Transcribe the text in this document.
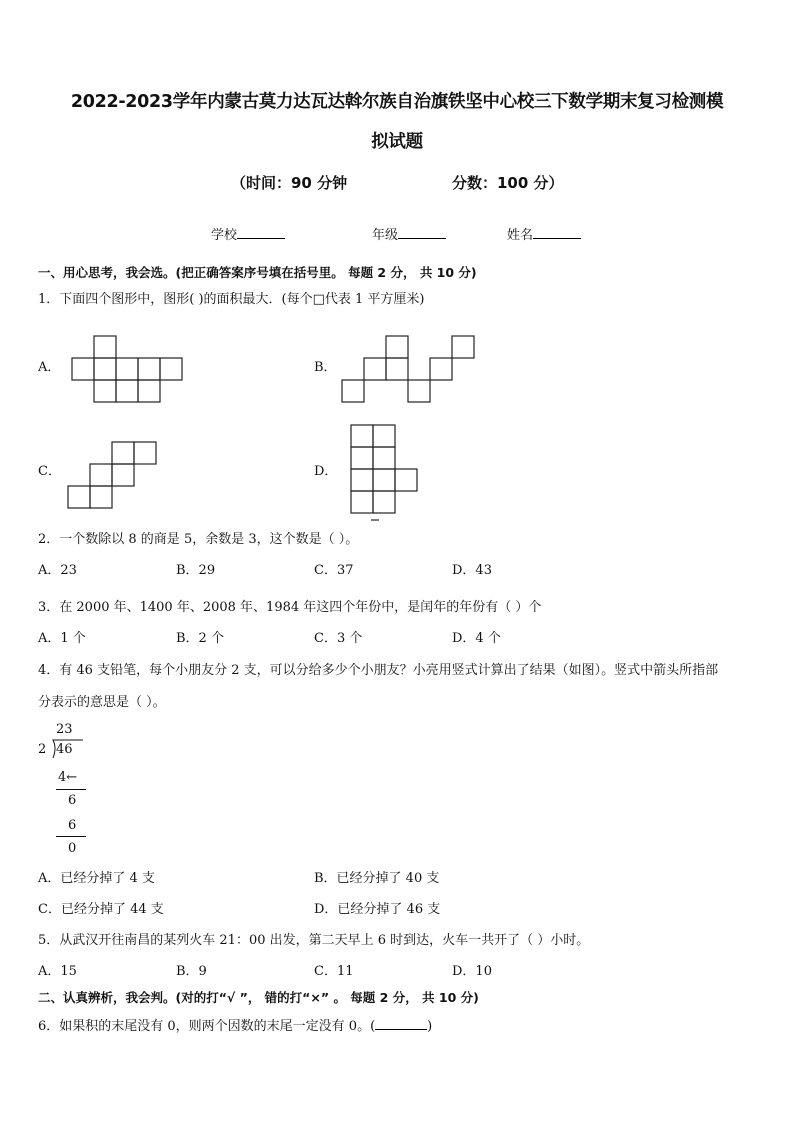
2022-2023学年内蒙古莫力达瓦达斡尔族自治旗铁坚中心校三下数学期末复习检测模
拟试题
（时间：90 分钟	分数：100 分）
学校	年级	姓名
一、用心思考，我会选。(把正确答案序号填在括号里。 每题 2 分， 共 10 分)
1．下面四个图形中，图形( )的面积最大．(每个□代表 1 平方厘米)
A．	B．
C．	D．
2．一个数除以 8 的商是 5，余数是 3，这个数是（ ）。
A．23	B．29	C．37	D．43
3．在 2000 年、1400 年、2008 年、1984 年这四个年份中，是闰年的年份有（ ）个
A．1 个	B．2 个	C．3 个	D．4 个
4．有 46 支铅笔，每个小朋友分 2 支，可以分给多少个小朋友？小亮用竖式计算出了结果（如图）。竖式中箭头所指部
分表示的意思是（ ）。
23
2 46
4←
6
6
0
A．已经分掉了 4 支	B．已经分掉了 40 支
C．已经分掉了 44 支	D．已经分掉了 46 支
5．从武汉开往南昌的某列火车 21：00 出发，第二天早上 6 时到达，火车一共开了（ ）小时。
A．15	B．9	C．11	D．10
二、认真辨析，我会判。(对的打“√ ”， 错的打“×” 。 每题 2 分， 共 10 分)
6．如果积的末尾没有 0，则两个因数的末尾一定没有 0。(	)
